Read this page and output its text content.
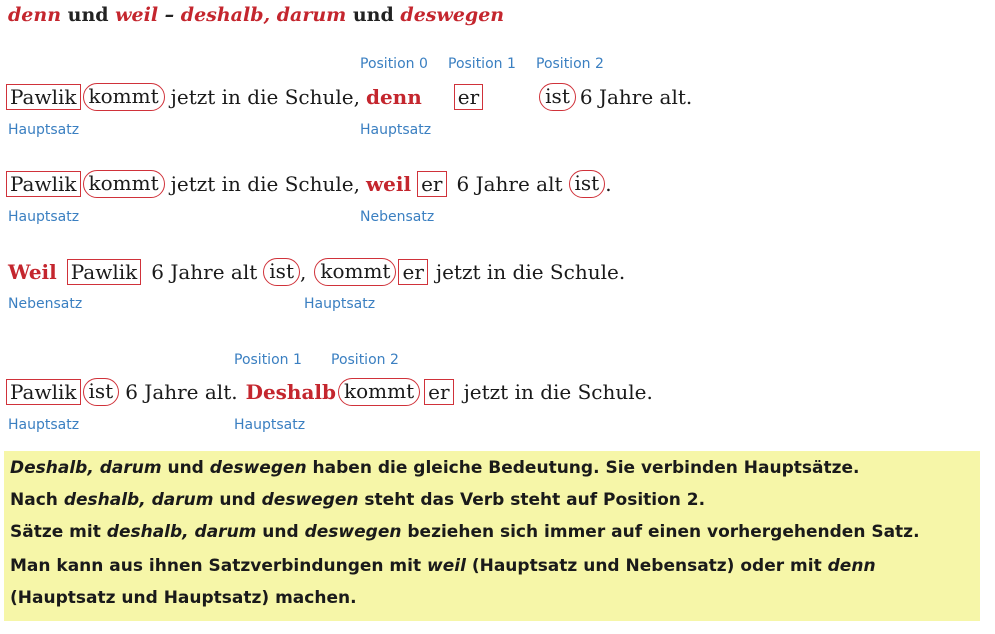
denn und weil – deshalb, darum und deswegen
Position 0 Position 1 Position 2
Pawlik kommt jetzt in die Schule, denn er	ist 6 Jahre alt.
Hauptsatz	Hauptsatz
Pawlik kommt jetzt in die Schule, weil er 6 Jahre alt ist .
Hauptsatz	Nebensatz
Weil Pawlik 6 Jahre alt ist , kommt er jetzt in die Schule.
Nebensatz	Hauptsatz
Position 1 Position 2
Pawlik ist 6 Jahre alt. Deshalb kommt er jetzt in die Schule.
Hauptsatz	Hauptsatz
Deshalb, darum und deswegen haben die gleiche Bedeutung. Sie verbinden Hauptsätze.
Nach deshalb, darum und deswegen steht das Verb steht auf Position 2.
Sätze mit deshalb, darum und deswegen beziehen sich immer auf einen vorhergehenden Satz.
Man kann aus ihnen Satzverbindungen mit weil (Hauptsatz und Nebensatz) oder mit denn
(Hauptsatz und Hauptsatz) machen.
